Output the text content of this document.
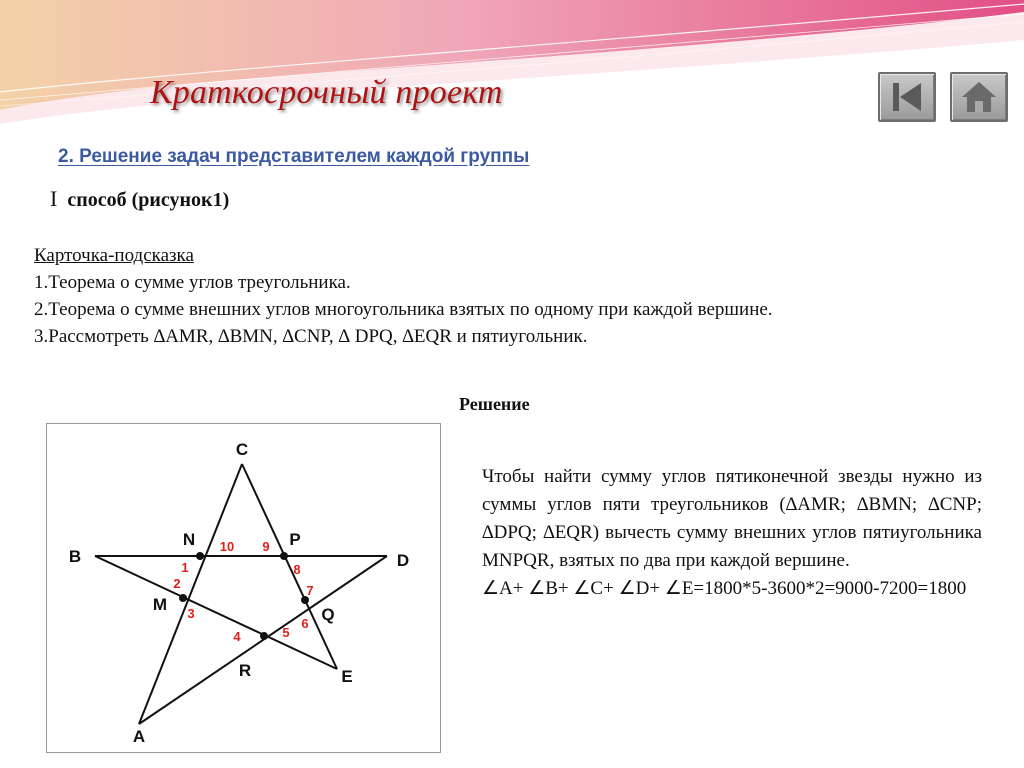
Краткосрочный проект
2. Решение задач представителем каждой группы
I способ (рисунок1)
Карточка-подсказка
1.Теорема о сумме углов треугольника.
2.Теорема о сумме внешних углов многоугольника взятых по одному при каждой вершине.
3.Рассмотреть ∆AMR, ∆BMN, ∆CNP, ∆ DPQ, ∆EQR и пятиугольник.
Решение
C
B	D
E
A
N	P
M
Q
R
1
2
3
4	5
6
7
8
9
10

Чтобы найти сумму углов пятиконечной звезды нужно из суммы углов пяти треугольников (∆AMR; ∆BMN; ∆CNP; ∆DPQ; ∆EQR) вычесть сумму внешних углов пятиугольника MNPQR, взятых по два при каждой вершине.

∠A+ ∠B+ ∠C+ ∠D+ ∠E=1800*5-3600*2=9000-7200=1800
